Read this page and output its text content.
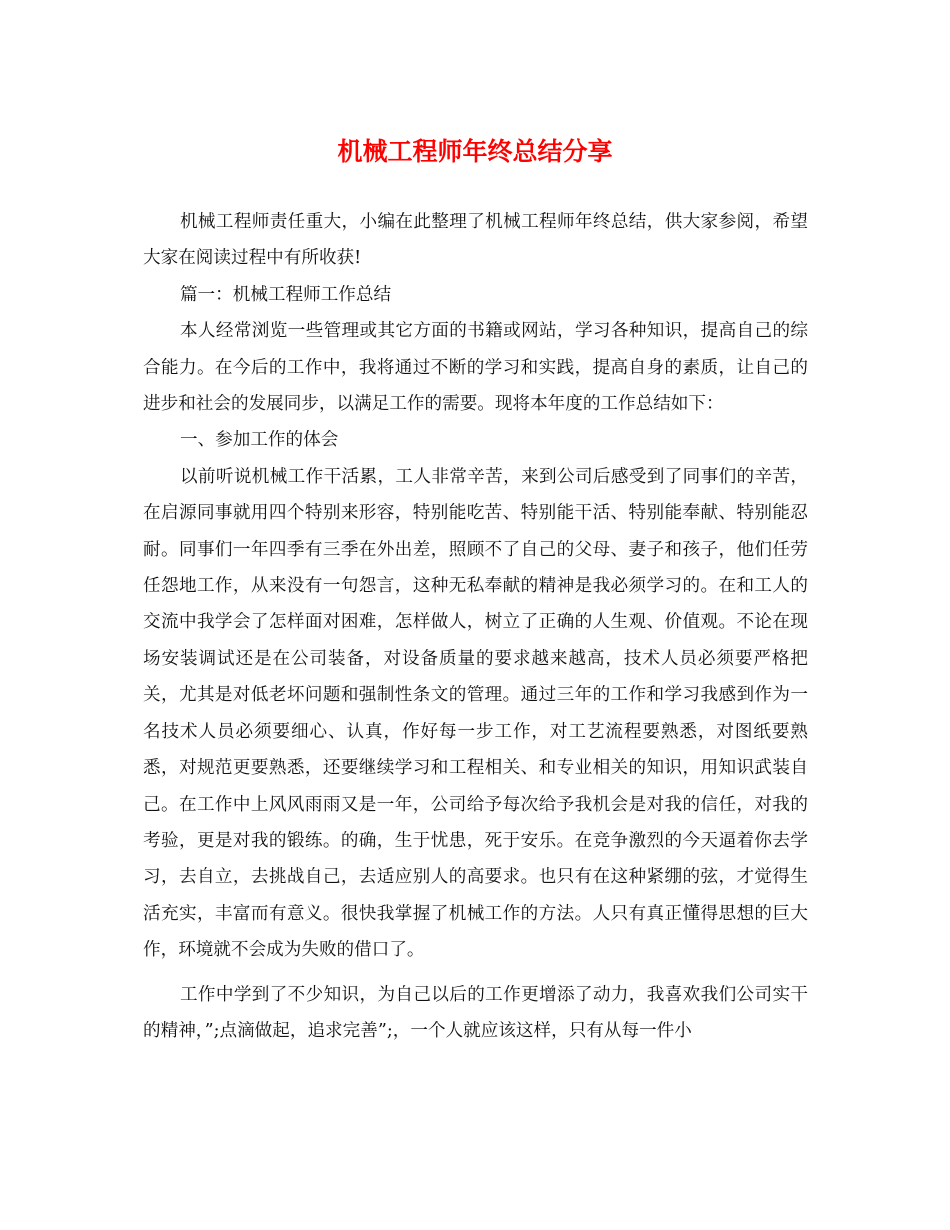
机械工程师年终总结分享

机械工程师责任重大，小编在此整理了机械工程师年终总结，供大家参阅，希望大家在阅读过程中有所收获!

篇一：机械工程师工作总结

本人经常浏览一些管理或其它方面的书籍或网站，学习各种知识，提高自己的综合能力。在今后的工作中，我将通过不断的学习和实践，提高自身的素质，让自己的进步和社会的发展同步，以满足工作的需要。现将本年度的工作总结如下：

一、参加工作的体会

以前听说机械工作干活累，工人非常辛苦，来到公司后感受到了同事们的辛苦，在启源同事就用四个特别来形容，特别能吃苦、特别能干活、特别能奉献、特别能忍耐。同事们一年四季有三季在外出差，照顾不了自己的父母、妻子和孩子，他们任劳任怨地工作，从来没有一句怨言，这种无私奉献的精神是我必须学习的。在和工人的交流中我学会了怎样面对困难，怎样做人，树立了正确的人生观、价值观。不论在现场安装调试还是在公司装备，对设备质量的要求越来越高，技术人员必须要严格把关，尤其是对低老坏问题和强制性条文的管理。通过三年的工作和学习我感到作为一名技术人员必须要细心、认真，作好每一步工作，对工艺流程要熟悉，对图纸要熟悉，对规范更要熟悉，还要继续学习和工程相关、和专业相关的知识，用知识武装自己。在工作中上风风雨雨又是一年，公司给予每次给予我机会是对我的信任，对我的考验，更是对我的锻练。的确，生于忧患，死于安乐。在竞争激烈的今天逼着你去学习，去自立，去挑战自己，去适应别人的高要求。也只有在这种紧绷的弦，才觉得生活充实，丰富而有意义。很快我掌握了机械工作的方法。人只有真正懂得思想的巨大作，环境就不会成为失败的借口了。

工作中学到了不少知识，为自己以后的工作更增添了动力，我喜欢我们公司实干的精神，”;点滴做起，追求完善”;，一个人就应该这样，只有从每一件小
